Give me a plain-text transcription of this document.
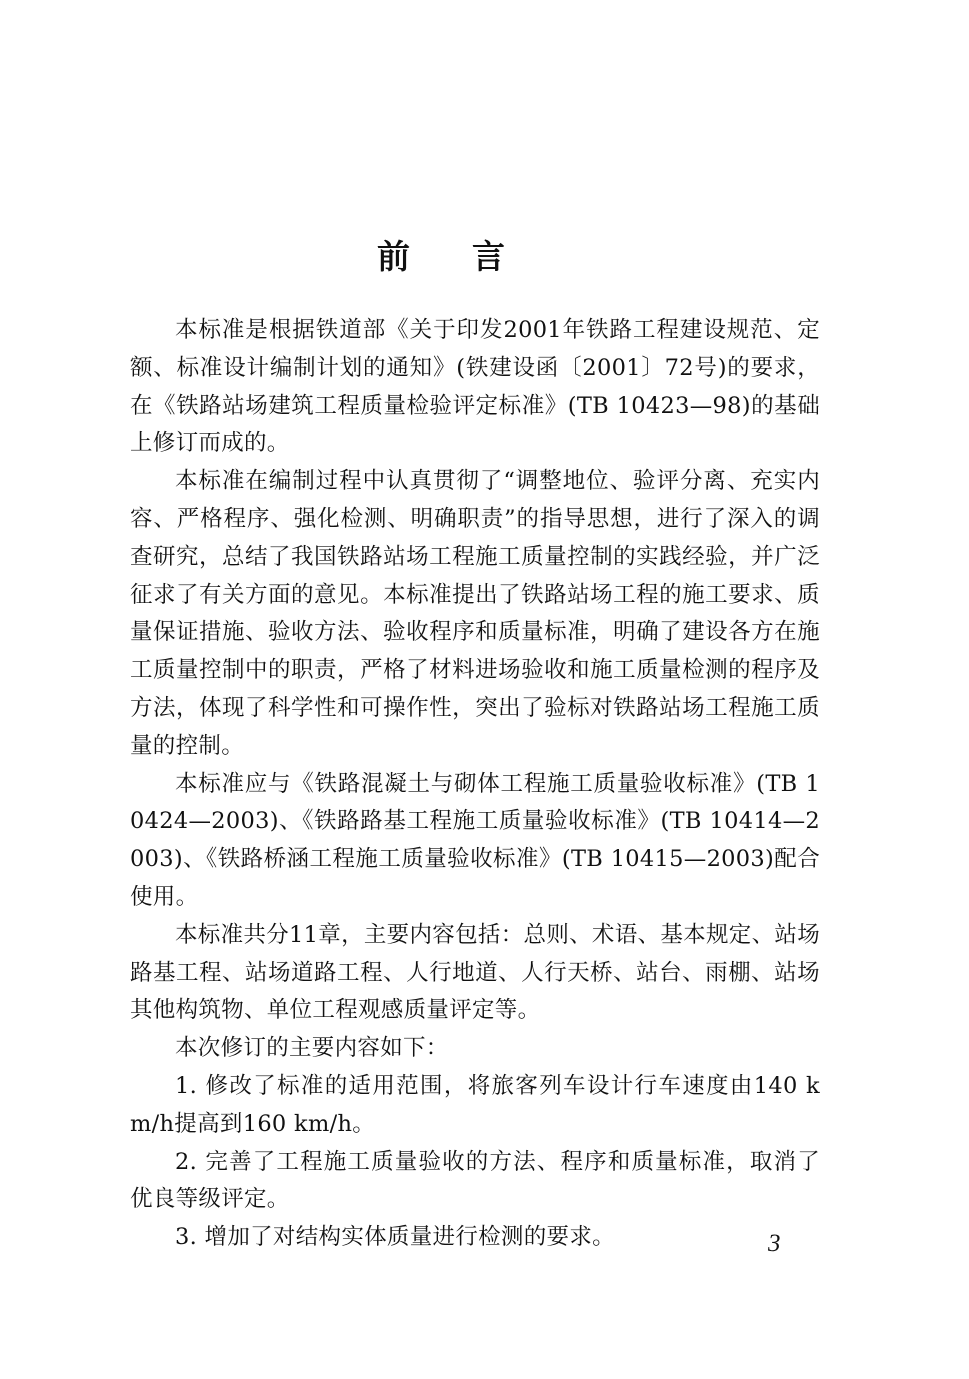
前言

本标准是根据铁道部《关于印发2001年铁路工程建设规范、定额、标准设计编制计划的通知》(铁建设函〔2001〕72号)的要求，在《铁路站场建筑工程质量检验评定标准》(TB 10423—98)的基础上修订而成的。

本标准在编制过程中认真贯彻了“调整地位、验评分离、充实内容、严格程序、强化检测、明确职责”的指导思想，进行了深入的调查研究，总结了我国铁路站场工程施工质量控制的实践经验，并广泛征求了有关方面的意见。本标准提出了铁路站场工程的施工要求、质量保证措施、验收方法、验收程序和质量标准，明确了建设各方在施工质量控制中的职责，严格了材料进场验收和施工质量检测的程序及方法，体现了科学性和可操作性，突出了验标对铁路站场工程施工质量的控制。

本标准应与《铁路混凝土与砌体工程施工质量验收标准》(TB 10424—2003)、《铁路路基工程施工质量验收标准》(TB 10414—2003)、《铁路桥涵工程施工质量验收标准》(TB 10415—2003)配合使用。

本标准共分11章，主要内容包括：总则、术语、基本规定、站场路基工程、站场道路工程、人行地道、人行天桥、站台、雨棚、站场其他构筑物、单位工程观感质量评定等。

本次修订的主要内容如下：

1. 修改了标准的适用范围，将旅客列车设计行车速度由140 km/h提高到160 km/h。

2. 完善了工程施工质量验收的方法、程序和质量标准，取消了优良等级评定。

3. 增加了对结构实体质量进行检测的要求。	3
